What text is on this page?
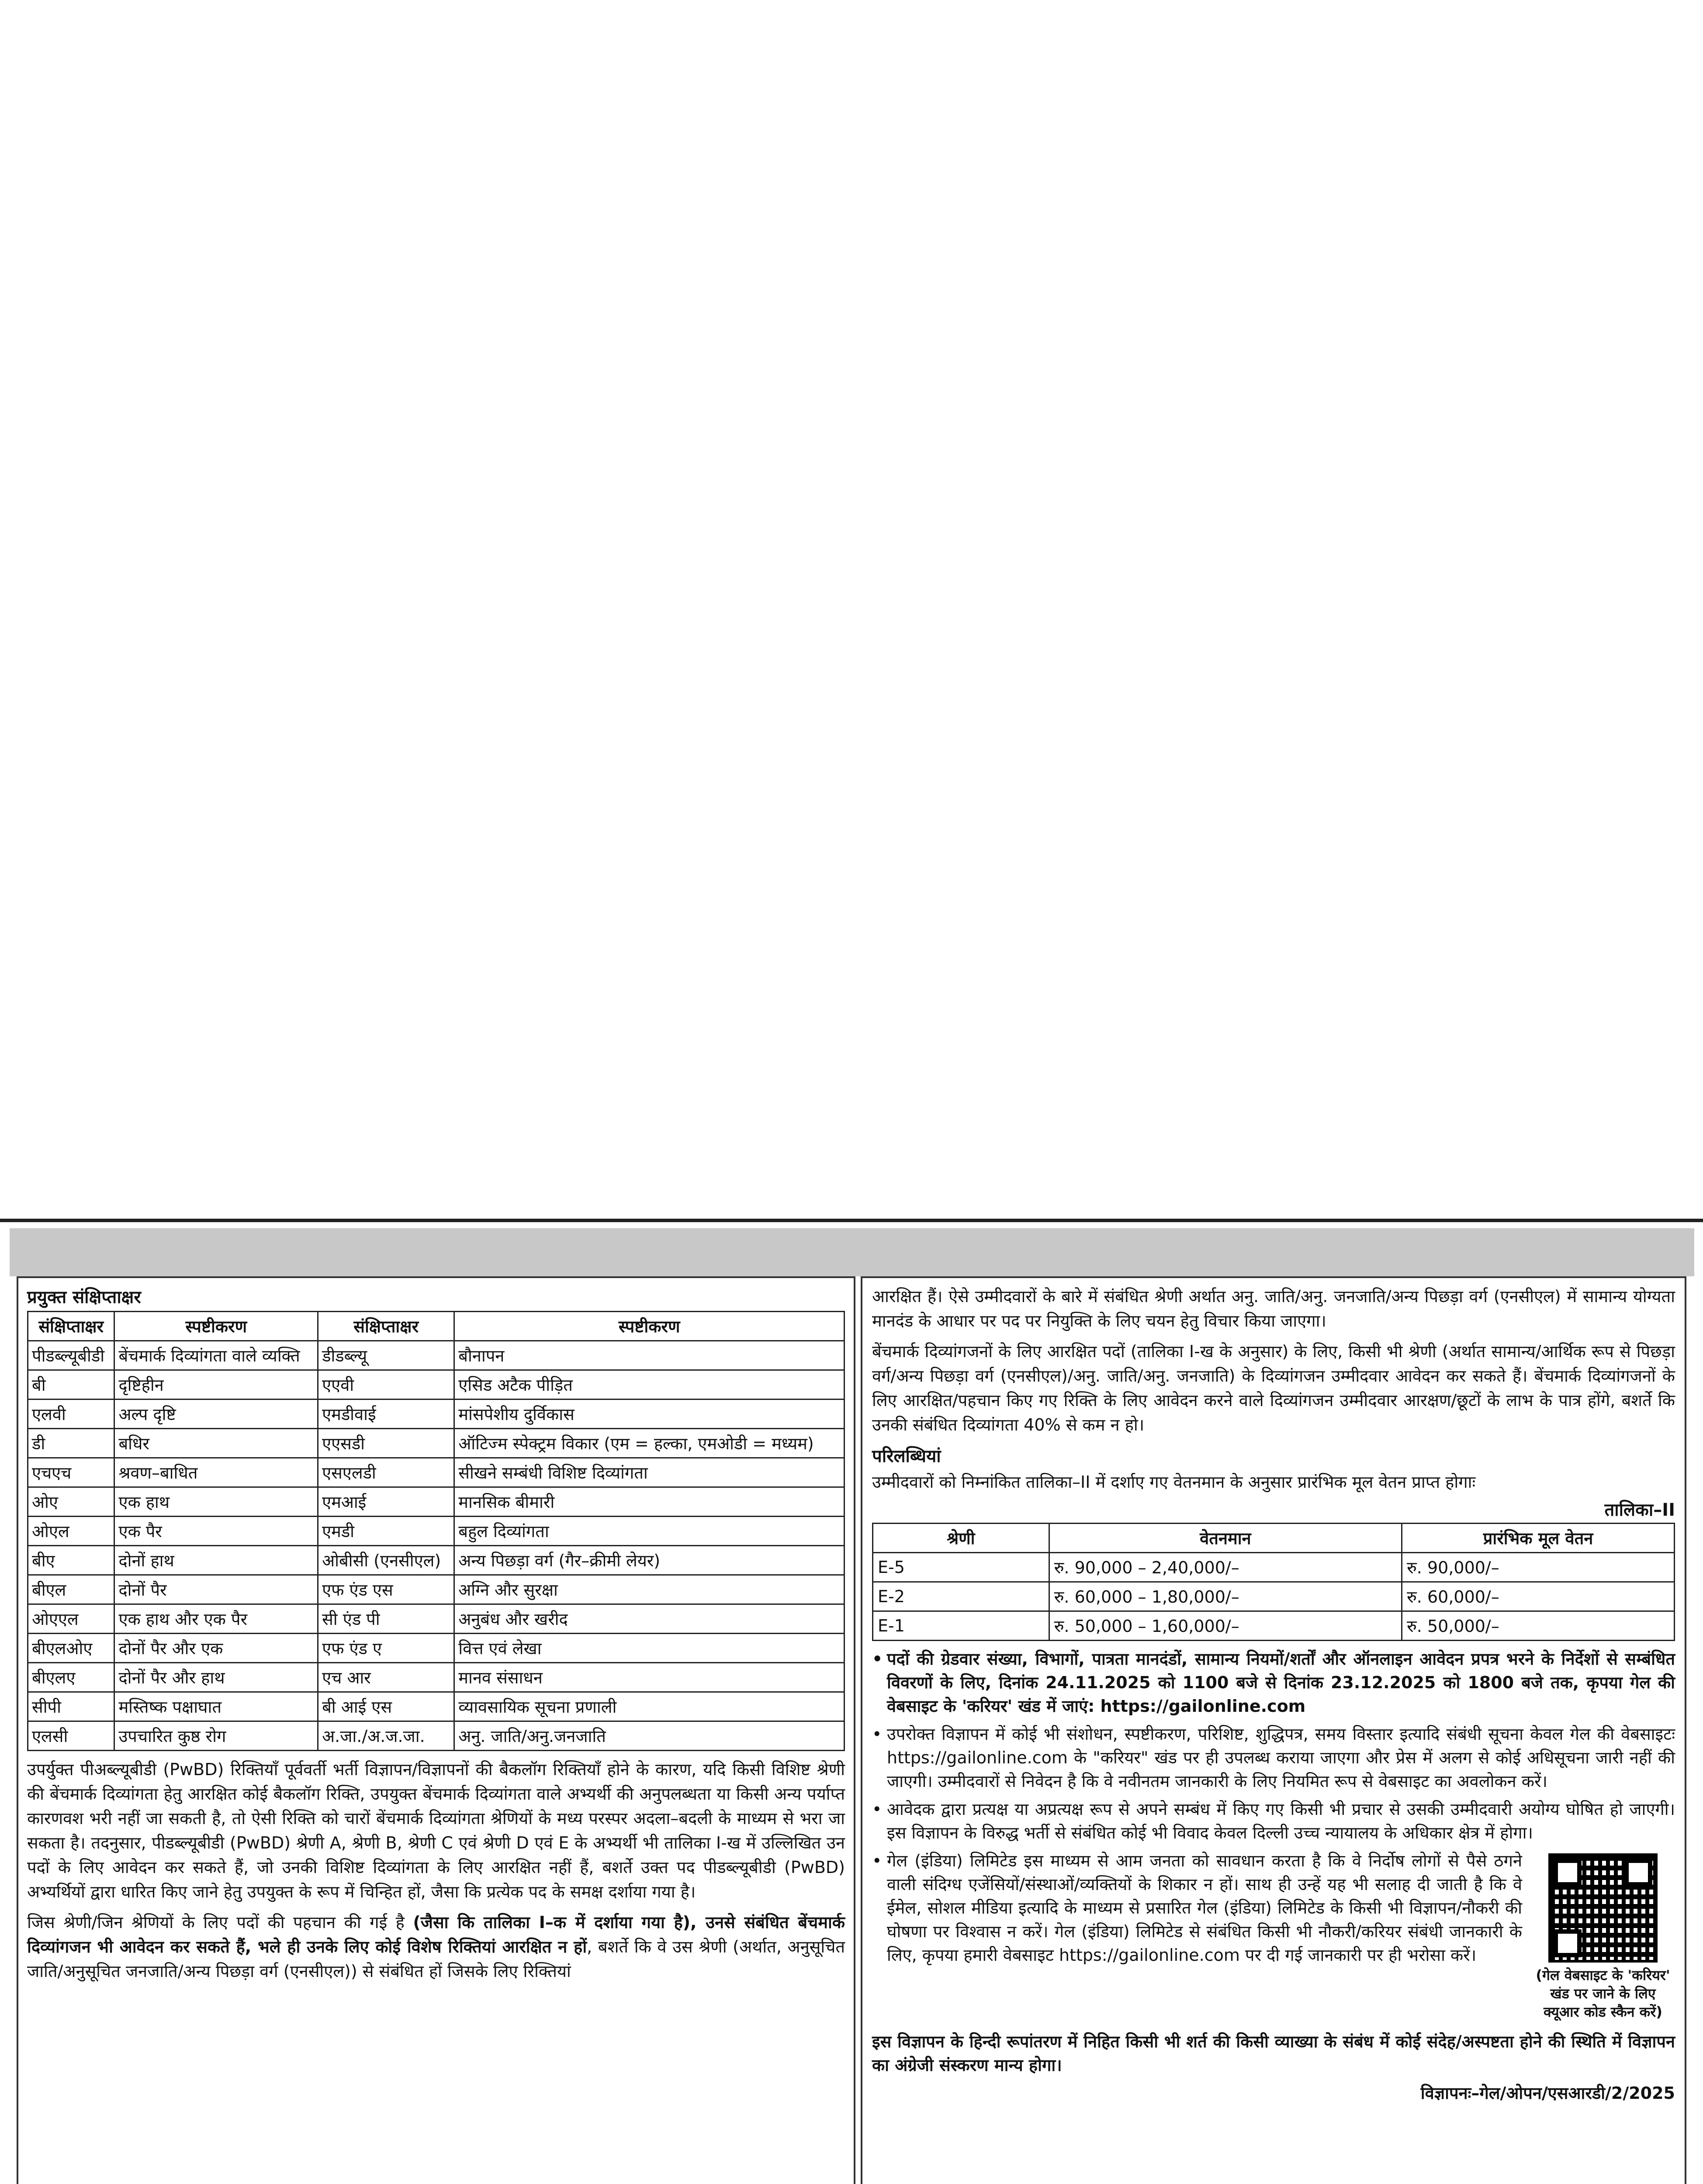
प्रयुक्त संक्षिप्ताक्षर
संक्षिप्ताक्षर	स्पष्टीकरण	संक्षिप्ताक्षर	स्पष्टीकरण
पीडब्ल्यूबीडी	बेंचमार्क दिव्यांगता वाले व्यक्ति	डीडब्ल्यू	बौनापन
बी	दृष्टिहीन	एएवी	एसिड अटैक पीड़ित
एलवी	अल्प दृष्टि	एमडीवाई	मांसपेशीय दुर्विकास
डी	बधिर	एएसडी	ऑटिज्म स्पेक्ट्रम विकार (एम = हल्का, एमओडी = मध्यम)
एचएच	श्रवण–बाधित	एसएलडी	सीखने सम्बंधी विशिष्ट दिव्यांगता
ओए	एक हाथ	एमआई	मानसिक बीमारी
ओएल	एक पैर	एमडी	बहुल दिव्यांगता
बीए	दोनों हाथ	ओबीसी (एनसीएल)	अन्य पिछड़ा वर्ग (गैर–क्रीमी लेयर)
बीएल	दोनों पैर	एफ एंड एस	अग्नि और सुरक्षा
ओएएल	एक हाथ और एक पैर	सी एंड पी	अनुबंध और खरीद
बीएलओए	दोनों पैर और एक	एफ एंड ए	वित्त एवं लेखा
बीएलए	दोनों पैर और हाथ	एच आर	मानव संसाधन
सीपी	मस्तिष्क पक्षाघात	बी आई एस	व्यावसायिक सूचना प्रणाली
एलसी	उपचारित कुष्ठ रोग	अ.जा./अ.ज.जा.	अनु. जाति/अनु.जनजाति

उपर्युक्त पीअब्ल्यूबीडी (PwBD) रिक्तियाँ पूर्ववर्ती भर्ती विज्ञापन/विज्ञापनों की बैकलॉग रिक्तियाँ होने के कारण, यदि किसी विशिष्ट श्रेणी की बेंचमार्क दिव्यांगता हेतु आरक्षित कोई बैकलॉग रिक्ति, उपयुक्त बेंचमार्क दिव्यांगता वाले अभ्यर्थी की अनुपलब्धता या किसी अन्य पर्याप्त कारणवश भरी नहीं जा सकती है, तो ऐसी रिक्ति को चारों बेंचमार्क दिव्यांगता श्रेणियों के मध्य परस्पर अदला–बदली के माध्यम से भरा जा सकता है। तदनुसार, पीडब्ल्यूबीडी (PwBD) श्रेणी A, श्रेणी B, श्रेणी C एवं श्रेणी D एवं E के अभ्यर्थी भी तालिका I-ख में उल्लिखित उन पदों के लिए आवेदन कर सकते हैं, जो उनकी विशिष्ट दिव्यांगता के लिए आरक्षित नहीं हैं, बशर्ते उक्त पद पीडब्ल्यूबीडी (PwBD) अभ्यर्थियों द्वारा धारित किए जाने हेतु उपयुक्त के रूप में चिन्हित हों, जैसा कि प्रत्येक पद के समक्ष दर्शाया गया है।

जिस श्रेणी/जिन श्रेणियों के लिए पदों की पहचान की गई है (जैसा कि तालिका I–क में दर्शाया गया है), उनसे संबंधित बेंचमार्क दिव्यांगजन भी आवेदन कर सकते हैं, भले ही उनके लिए कोई विशेष रिक्तियां आरक्षित न हों, बशर्ते कि वे उस श्रेणी (अर्थात, अनुसूचित जाति/अनुसूचित जनजाति/अन्य पिछड़ा वर्ग (एनसीएल)) से संबंधित हों जिसके लिए रिक्तियां

आरक्षित हैं। ऐसे उम्मीदवारों के बारे में संबंधित श्रेणी अर्थात अनु. जाति/अनु. जनजाति/अन्य पिछड़ा वर्ग (एनसीएल) में सामान्य योग्यता मानदंड के आधार पर पद पर नियुक्ति के लिए चयन हेतु विचार किया जाएगा।

बेंचमार्क दिव्यांगजनों के लिए आरक्षित पदों (तालिका I-ख के अनुसार) के लिए, किसी भी श्रेणी (अर्थात सामान्य/आर्थिक रूप से पिछड़ा वर्ग/अन्य पिछड़ा वर्ग (एनसीएल)/अनु. जाति/अनु. जनजाति) के दिव्यांगजन उम्मीदवार आवेदन कर सकते हैं। बेंचमार्क दिव्यांगजनों के लिए आरक्षित/पहचान किए गए रिक्ति के लिए आवेदन करने वाले दिव्यांगजन उम्मीदवार आरक्षण/छूटों के लाभ के पात्र होंगे, बशर्ते कि उनकी संबंधित दिव्यांगता 40% से कम न हो।

परिलब्धियां

उम्मीदवारों को निम्नांकित तालिका–II में दर्शाए गए वेतनमान के अनुसार प्रारंभिक मूल वेतन प्राप्त होगाः

तालिका–II
श्रेणी	वेतनमान	प्रारंभिक मूल वेतन
E-5	रु. 90,000 – 2,40,000/–	रु. 90,000/–
E-2	रु. 60,000 – 1,80,000/–	रु. 60,000/–
E-1	रु. 50,000 – 1,60,000/–	रु. 50,000/–
• पदों की ग्रेडवार संख्या, विभागों, पात्रता मानदंडों, सामान्य नियमों/शर्तों और ऑनलाइन आवेदन प्रपत्र भरने के निर्देशों से सम्बंधित विवरणों के लिए, दिनांक 24.11.2025 को 1100 बजे से दिनांक 23.12.2025 को 1800 बजे तक, कृपया गेल की वेबसाइट के 'करियर' खंड में जाएं: https://gailonline.com
• उपरोक्त विज्ञापन में कोई भी संशोधन, स्पष्टीकरण, परिशिष्ट, शुद्धिपत्र, समय विस्तार इत्यादि संबंधी सूचना केवल गेल की वेबसाइटः https://gailonline.com के "करियर" खंड पर ही उपलब्ध कराया जाएगा और प्रेस में अलग से कोई अधिसूचना जारी नहीं की जाएगी। उम्मीदवारों से निवेदन है कि वे नवीनतम जानकारी के लिए नियमित रूप से वेबसाइट का अवलोकन करें।
• आवेदक द्वारा प्रत्यक्ष या अप्रत्यक्ष रूप से अपने सम्बंध में किए गए किसी भी प्रचार से उसकी उम्मीदवारी अयोग्य घोषित हो जाएगी। इस विज्ञापन के विरुद्ध भर्ती से संबंधित कोई भी विवाद केवल दिल्ली उच्च न्यायालय के अधिकार क्षेत्र में होगा।
• (गेल वेबसाइट के 'करियर' खंड पर जाने के लिए क्यूआर कोड स्कैन करें)
गेल (इंडिया) लिमिटेड इस माध्यम से आम जनता को सावधान करता है कि वे निर्दोष लोगों से पैसे ठगने वाली संदिग्ध एजेंसियों/संस्थाओं/व्यक्तियों के शिकार न हों। साथ ही उन्हें यह भी सलाह दी जाती है कि वे ईमेल, सोशल मीडिया इत्यादि के माध्यम से प्रसारित गेल (इंडिया) लिमिटेड के किसी भी विज्ञापन/नौकरी की घोषणा पर विश्वास न करें। गेल (इंडिया) लिमिटेड से संबंधित किसी भी नौकरी/करियर संबंधी जानकारी के लिए, कृपया हमारी वेबसाइट https://gailonline.com पर दी गई जानकारी पर ही भरोसा करें।
इस विज्ञापन के हिन्दी रूपांतरण में निहित किसी भी शर्त की किसी व्याख्या के संबंध में कोई संदेह/अस्पष्टता होने की स्थिति में विज्ञापन का अंग्रेजी संस्करण मान्य होगा।
विज्ञापनः–गेल/ओपन/एसआरडी/2/2025
